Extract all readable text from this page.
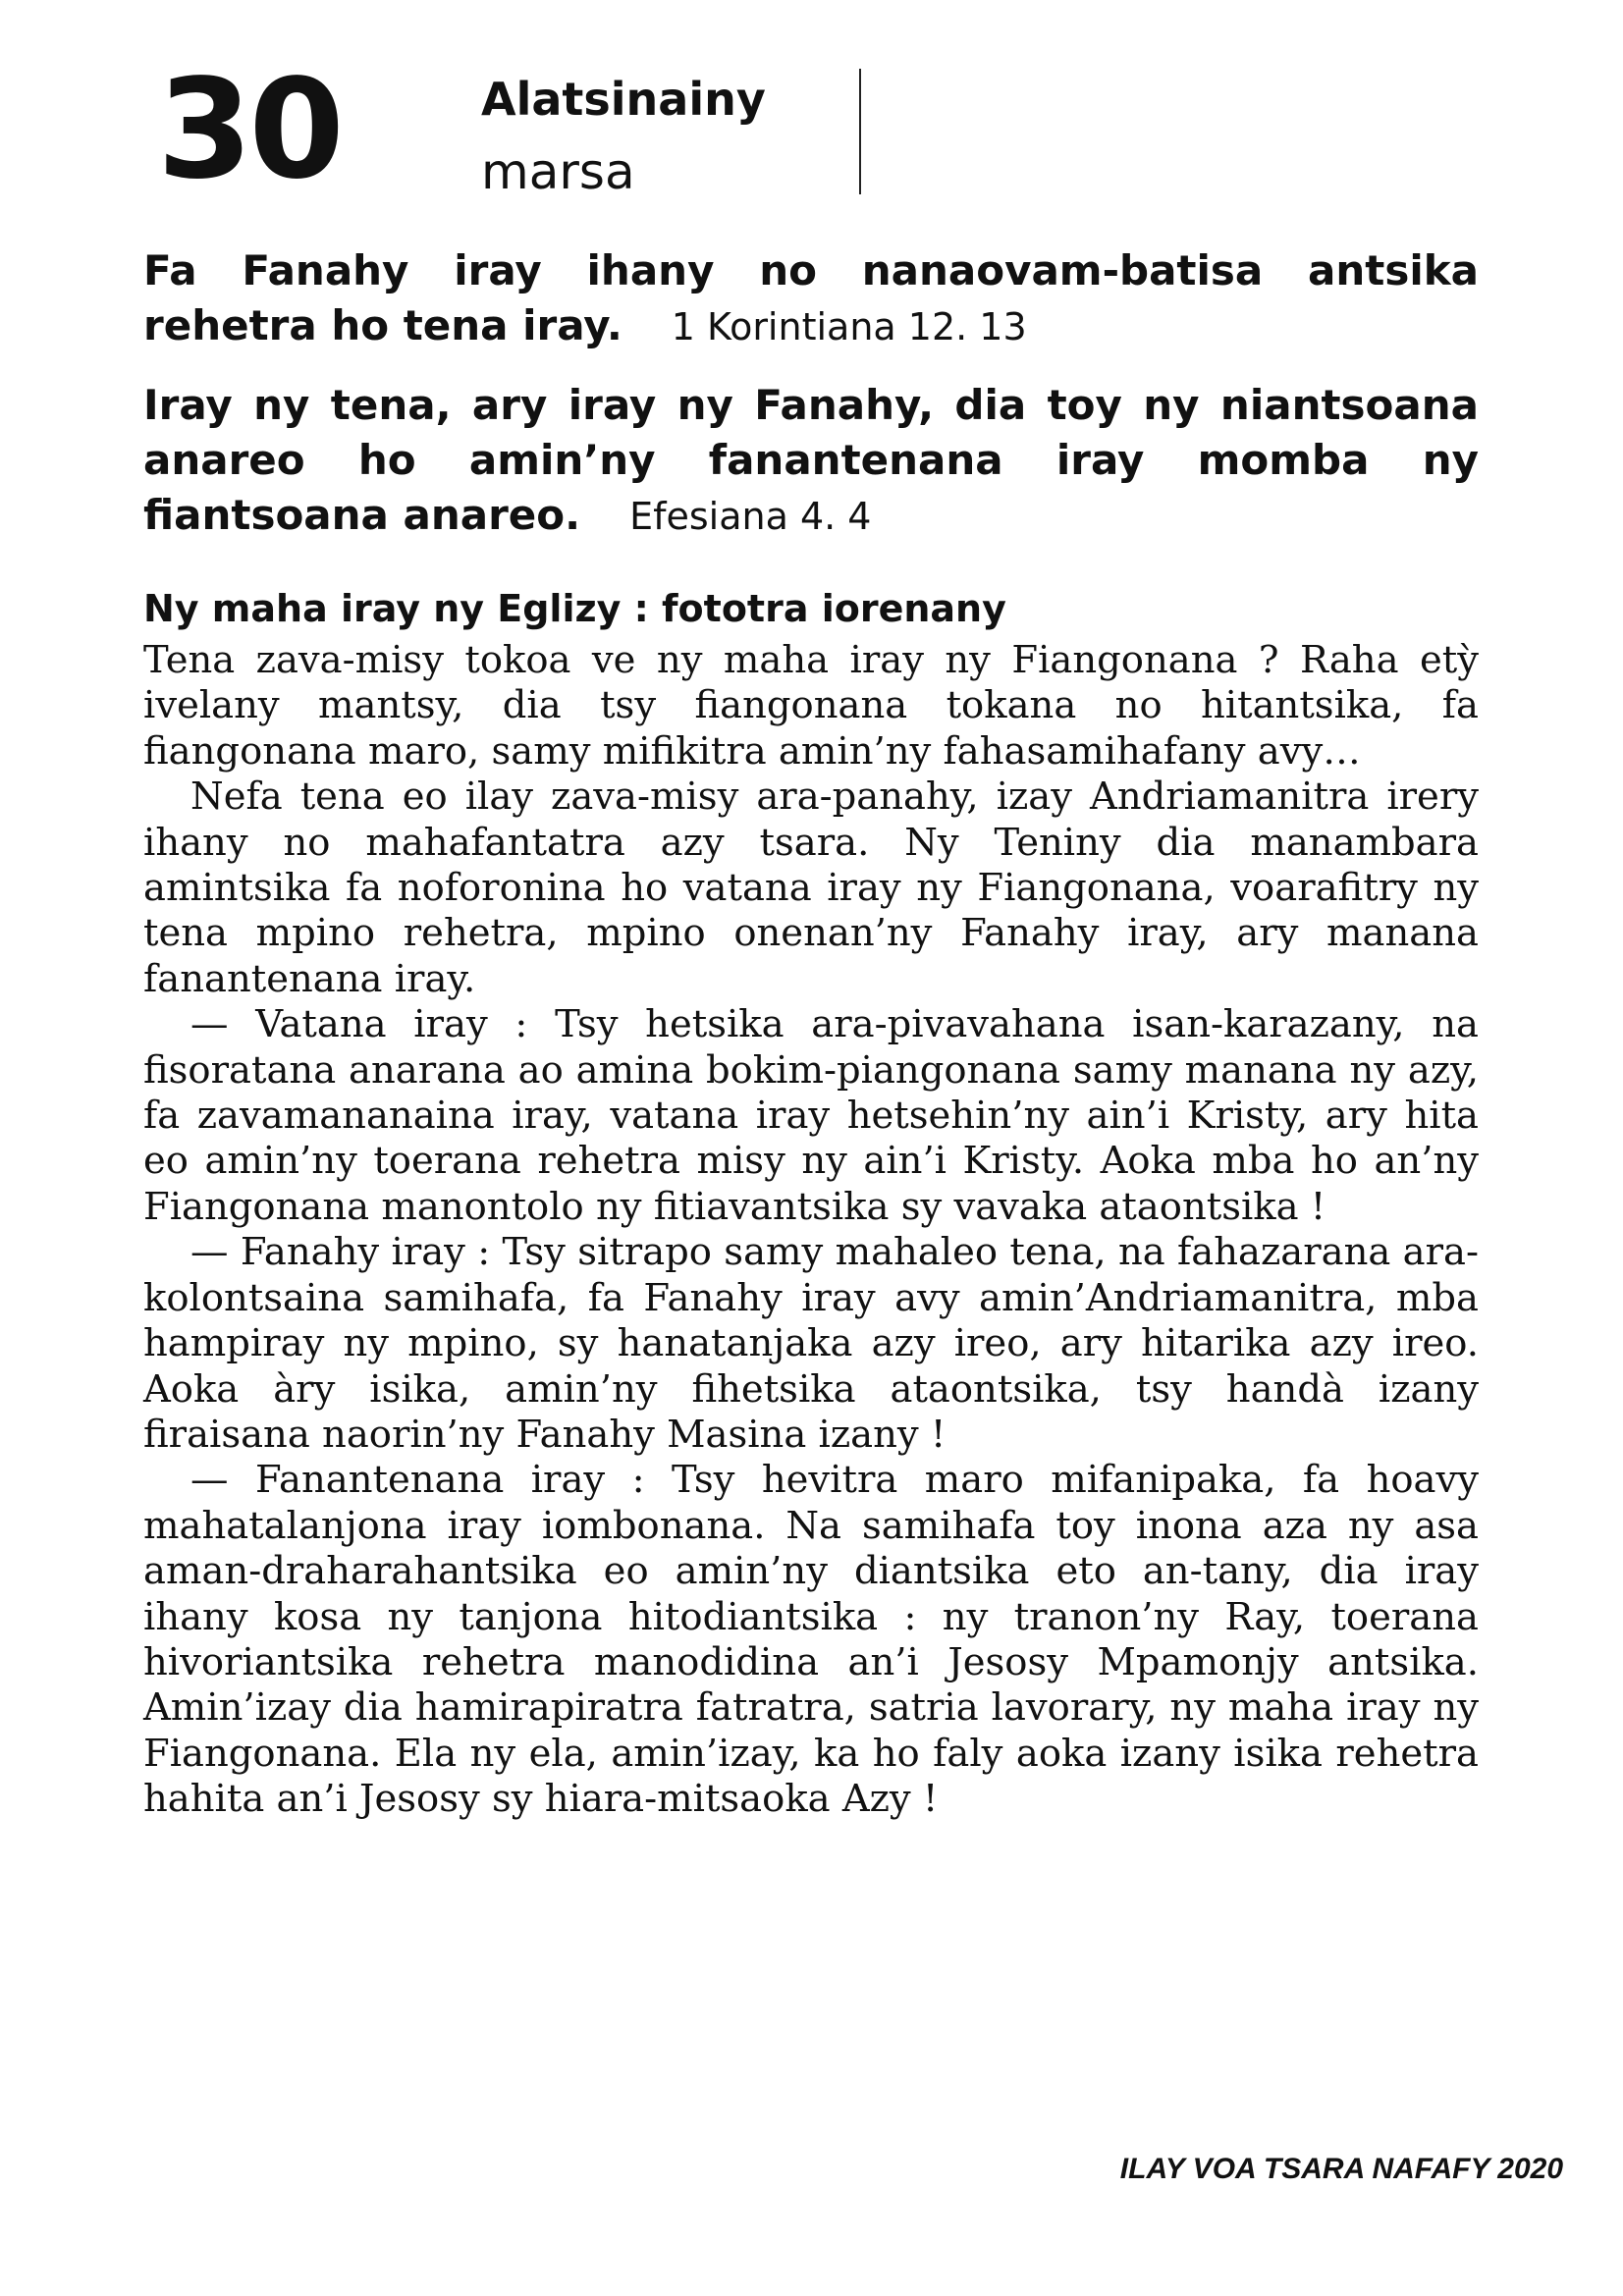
30	Alatsinainy
marsa
Fa Fanahy iray ihany no nanaovam-batisa antsika rehetra ho tena iray. 1 Korintiana 12. 13
Iray ny tena, ary iray ny Fanahy, dia toy ny niantsoana anareo ho amin’ny fanantenana iray momba ny fiantsoana anareo. Efesiana 4. 4
Ny maha iray ny Eglizy : fototra iorenany

Tena zava-misy tokoa ve ny maha iray ny Fiangonana ? Raha etỳ ivelany mantsy, dia tsy fiangonana tokana no hitantsika, fa fiangonana maro, samy mifikitra amin’ny fahasamihafany avy…

Nefa tena eo ilay zava-misy ara-panahy, izay Andriamanitra irery ihany no mahafantatra azy tsara. Ny Teniny dia manambara amintsika fa noforonina ho vatana iray ny Fiangonana, voarafitry ny tena mpino rehetra, mpino onenan’ny Fanahy iray, ary manana fanantenana iray.

— Vatana iray : Tsy hetsika ara-pivavahana isan-karazany, na fisoratana anarana ao amina bokim-piangonana samy manana ny azy, fa zavamananaina iray, vatana iray hetsehin’ny ain’i Kristy, ary hita eo amin’ny toerana rehetra misy ny ain’i Kristy. Aoka mba ho an’ny Fiangonana manontolo ny fitiavantsika sy vavaka ataontsika !

— Fanahy iray : Tsy sitrapo samy mahaleo tena, na fahazarana ara-kolontsaina samihafa, fa Fanahy iray avy amin’Andriamanitra, mba hampiray ny mpino, sy hanatanjaka azy ireo, ary hitarika azy ireo. Aoka àry isika, amin’ny fihetsika ataontsika, tsy handà izany firaisana naorin’ny Fanahy Masina izany !

— Fanantenana iray : Tsy hevitra maro mifanipaka, fa hoavy mahatalanjona iray iombonana. Na samihafa toy inona aza ny asa aman-draharahantsika eo amin’ny diantsika eto an-tany, dia iray ihany kosa ny tanjona hitodiantsika : ny tranon’ny Ray, toerana hivoriantsika rehetra manodidina an’i Jesosy Mpamonjy antsika. Amin’izay dia hamirapiratra fatratra, satria lavorary, ny maha iray ny Fiangonana. Ela ny ela, amin’izay, ka ho faly aoka izany isika rehetra hahita an’i Jesosy sy hiara-mitsaoka Azy !

ILAY VOA TSARA NAFAFY 2020
